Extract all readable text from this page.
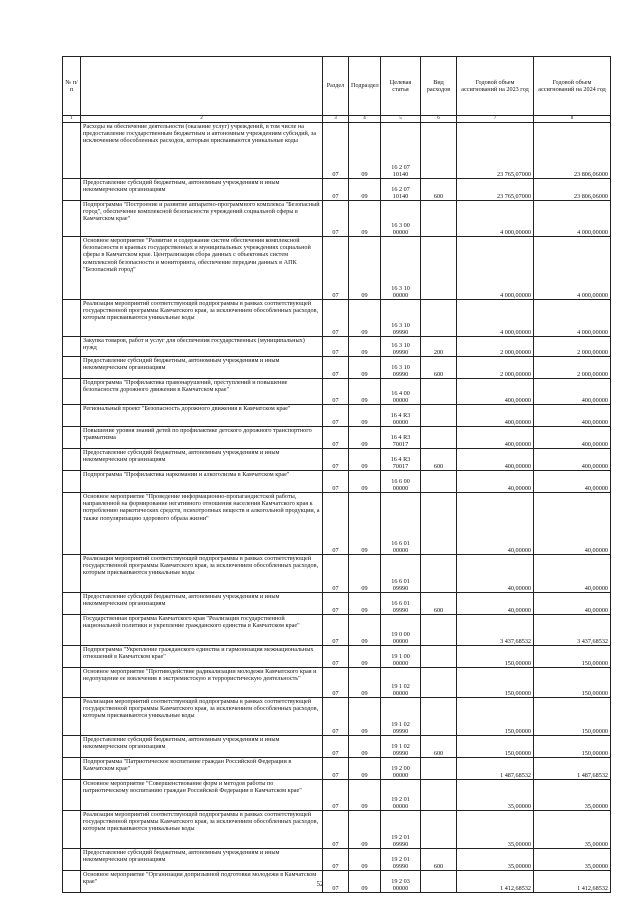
№ п/п		Раздел	Подраздел	Целевая статья	Вид расходов	Годовой объем ассигнований на 2023 год	Годовой объем ассигнований на 2024 год
1	2	3	4	5	6	7	8
	Расходы на обеспечение деятельности (оказание услуг) учреждений, в том числе на предоставление государственным бюджетным и автономным учреждениям субсидий, за исключением обособленных расходов, которым присваиваются уникальные коды	07	09	16 2 07 10140		23 765,07000	23 806,06000
	Предоставление субсидий бюджетным, автономным учреждениям и иным некоммерческим организациям	07	09	16 2 07 10140	600	23 765,07000	23 806,06000
	Подпрограмма "Построение и развитие аппаратно-программного комплекса "Безопасный город", обеспечение комплексной безопасности учреждений социальной сферы в Камчатском крае"	07	09	16 3 00 00000		4 000,00000	4 000,00000
	Основное мероприятие "Развитие и содержание систем обеспечения комплексной безопасности в краевых государственных и муниципальных учреждениях социальной сферы в Камчатском крае. Централизация сбора данных с объектовых систем комплексной безопасности и мониторинга, обеспечение передачи данных в АПК "Безопасный город"	07	09	16 3 10 00000		4 000,00000	4 000,00000
	Реализация мероприятий соответствующей подпрограммы в рамках соответствующей государственной программы Камчатского края, за исключением обособленных расходов, которым присваиваются уникальные коды	07	09	16 3 10 09990		4 000,00000	4 000,00000
	Закупка товаров, работ и услуг для обеспечения государственных (муниципальных) нужд	07	09	16 3 10 09990	200	2 000,00000	2 000,00000
	Предоставление субсидий бюджетным, автономным учреждениям и иным некоммерческим организациям	07	09	16 3 10 09990	600	2 000,00000	2 000,00000
	Подпрограмма "Профилактика правонарушений, преступлений и повышение безопасности дорожного движения в Камчатском крае"	07	09	16 4 00 00000		400,00000	400,00000
	Региональный проект "Безопасность дорожного движения в Камчатском крае"	07	09	16 4 R3 00000		400,00000	400,00000
	Повышение уровня знаний детей по профилактике детского дорожного транспортного травматизма	07	09	16 4 R3 70017		400,00000	400,00000
	Предоставление субсидий бюджетным, автономным учреждениям и иным некоммерческим организациям	07	09	16 4 R3 70017	600	400,00000	400,00000
	Подпрограмма "Профилактика наркомании и алкоголизма в Камчатском крае"	07	09	16 6 00 00000		40,00000	40,00000
	Основное мероприятие "Проведение информационно-пропагандистской работы, направленной на формирование негативного отношения населения Камчатского края к потреблению наркотических средств, психотропных веществ и алкогольной продукции, а также популяризацию здорового образа жизни"	07	09	16 6 01 00000		40,00000	40,00000
	Реализация мероприятий соответствующей подпрограммы в рамках соответствующей государственной программы Камчатского края, за исключением обособленных расходов, которым присваиваются уникальные коды	07	09	16 6 01 09990		40,00000	40,00000
	Предоставление субсидий бюджетным, автономным учреждениям и иным некоммерческим организациям	07	09	16 6 01 09990	600	40,00000	40,00000
	Государственная программа Камчатского края "Реализация государственной национальной политики и укрепление гражданского единства в Камчатском крае"	07	09	19 0 00 00000		3 437,68532	3 437,68532
	Подпрограмма "Укрепление гражданского единства и гармонизация межнациональных отношений в Камчатском крае"	07	09	19 1 00 00000		150,00000	150,00000
	Основное мероприятие "Противодействие радикализации молодежи Камчатского края и недопущение ее вовлечения в экстремистскую и террористическую деятельность"	07	09	19 1 02 00000		150,00000	150,00000
	Реализация мероприятий соответствующей подпрограммы в рамках соответствующей государственной программы Камчатского края, за исключением обособленных расходов, которым присваиваются уникальные коды	07	09	19 1 02 09990		150,00000	150,00000
	Предоставление субсидий бюджетным, автономным учреждениям и иным некоммерческим организациям	07	09	19 1 02 09990	600	150,00000	150,00000
	Подпрограмма "Патриотическое воспитание граждан Российской Федерации в Камчатском крае"	07	09	19 2 00 00000		1 487,68532	1 487,68532
	Основное мероприятие "Совершенствование форм и методов работы по патриотическому воспитанию граждан Российской Федерации в Камчатском крае"	07	09	19 2 01 00000		35,00000	35,00000
	Реализация мероприятий соответствующей подпрограммы в рамках соответствующей государственной программы Камчатского края, за исключением обособленных расходов, которым присваиваются уникальные коды	07	09	19 2 01 09990		35,00000	35,00000
	Предоставление субсидий бюджетным, автономным учреждениям и иным некоммерческим организациям	07	09	19 2 01 09990	600	35,00000	35,00000
	Основное мероприятие "Организация допризывной подготовки молодежи в Камчатском крае"	07	09	19 2 03 00000		1 412,68532	1 412,68532
52
